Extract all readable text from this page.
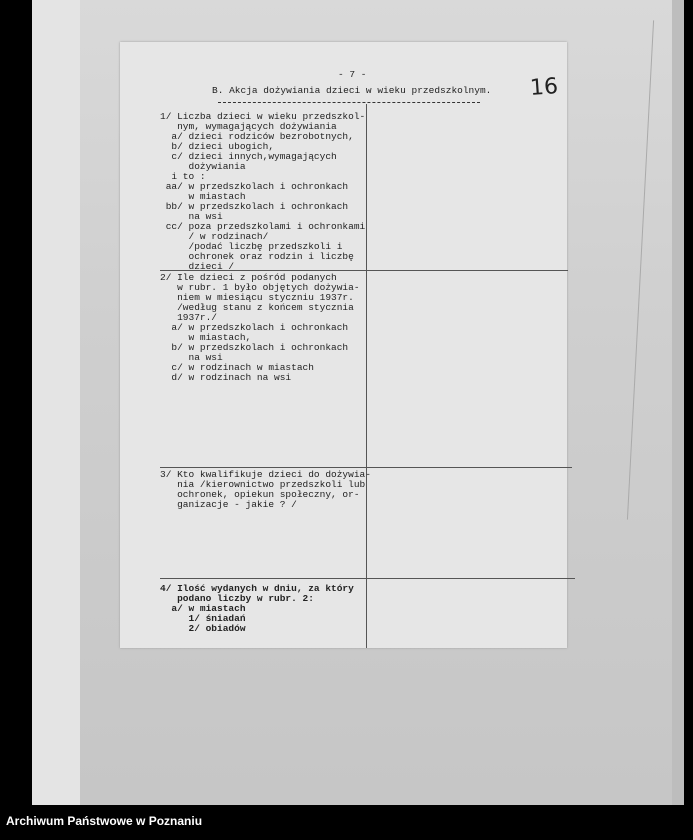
- 7 -
B. Akcja dożywiania dzieci w wieku przedszkolnym.
1/ Liczba dzieci w wieku przedszkol-
nym, wymagających dożywiania
a/ dzieci rodziców bezrobotnych,
b/ dzieci ubogich,
c/ dzieci innych,wymagających
dożywiania
i to :
aa/ w przedszkolach i ochronkach
w miastach
bb/ w przedszkolach i ochronkach
na wsi
cc/ poza przedszkolami i ochronkami
/ w rodzinach/
/podać liczbę przedszkoli i
ochronek oraz rodzin i liczbę
dzieci /
2/ Ile dzieci z pośród podanych
w rubr. 1 było objętych dożywia-
niem w miesiącu styczniu 1937r.
/według stanu z końcem stycznia
1937r./
a/ w przedszkolach i ochronkach
w miastach,
b/ w przedszkolach i ochronkach
na wsi
c/ w rodzinach w miastach
d/ w rodzinach na wsi
3/ Kto kwalifikuje dzieci do dożywia-
nia /kierownictwo przedszkoli lub
ochronek, opiekun społeczny, or-
ganizacje - jakie ? /
4/ Ilość wydanych w dniu, za który
podano liczby w rubr. 2:
a/ w miastach
1/ śniadań
2/ obiadów
16
Archiwum Państwowe w Poznaniu
